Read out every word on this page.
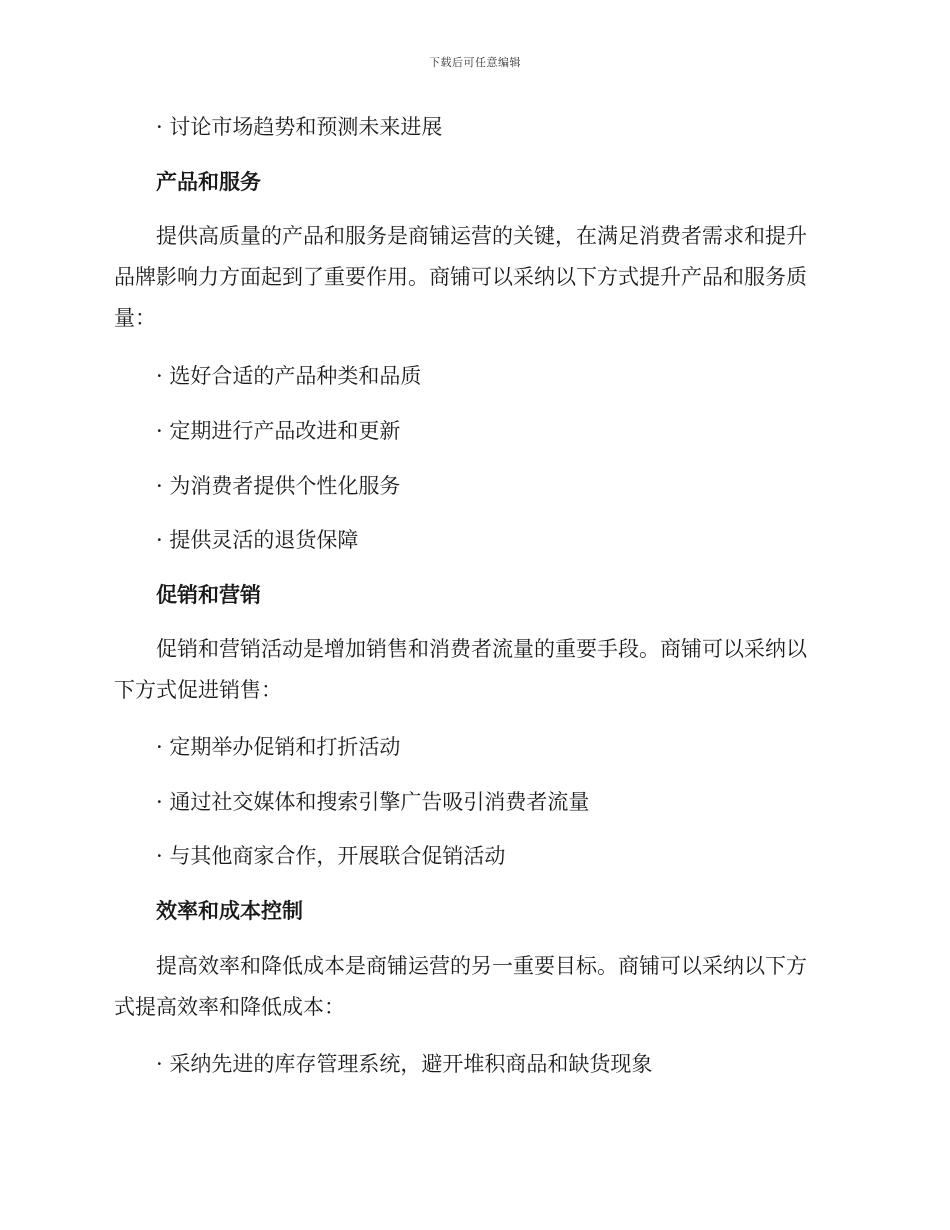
下载后可任意编辑
· 讨论市场趋势和预测未来进展
产品和服务
提供高质量的产品和服务是商铺运营的关键，在满足消费者需求和提升
品牌影响力方面起到了重要作用。商铺可以采纳以下方式提升产品和服务质
量：
· 选好合适的产品种类和品质
· 定期进行产品改进和更新
· 为消费者提供个性化服务
· 提供灵活的退货保障
促销和营销
促销和营销活动是增加销售和消费者流量的重要手段。商铺可以采纳以
下方式促进销售：
· 定期举办促销和打折活动
· 通过社交媒体和搜索引擎广告吸引消费者流量
· 与其他商家合作，开展联合促销活动
效率和成本控制
提高效率和降低成本是商铺运营的另一重要目标。商铺可以采纳以下方
式提高效率和降低成本：
· 采纳先进的库存管理系统，避开堆积商品和缺货现象
